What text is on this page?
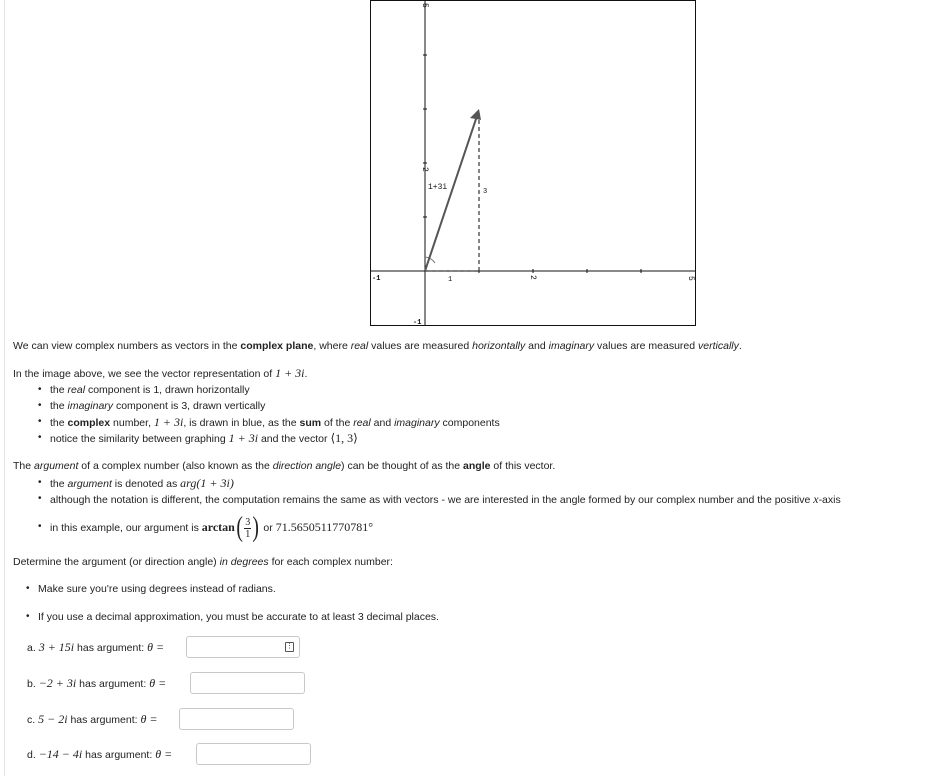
1+3i	3
1
-1	2	5
5
2
-1
We can view complex numbers as vectors in the complex plane, where real values are measured horizontally and imaginary values are measured vertically.
In the image above, we see the vector representation of 1 + 3i.
• the real component is 1, drawn horizontally
• the imaginary component is 3, drawn vertically
• the complex number, 1 + 3i, is drawn in blue, as the sum of the real and imaginary components
• notice the similarity between graphing 1 + 3i and the vector ⟨1, 3⟩
The argument of a complex number (also known as the direction angle) can be thought of as the angle of this vector.
• the argument is denoted as arg(1 + 3i)
• although the notation is different, the computation remains the same as with vectors - we are interested in the angle formed by our complex number and the positive x-axis
• in this example, our argument is $\arctan( \frac{3}{1}$ ) or 71.5650511770781°
Determine the argument (or direction angle) in degrees for each complex number:
• Make sure you're using degrees instead of radians.
• If you use a decimal approximation, you must be accurate to at least 3 decimal places.
a. 3 + 15i has argument: θ =	⋮
b. −2 + 3i has argument: θ =
c. 5 − 2i has argument: θ =
d. −14 − 4i has argument: θ =
